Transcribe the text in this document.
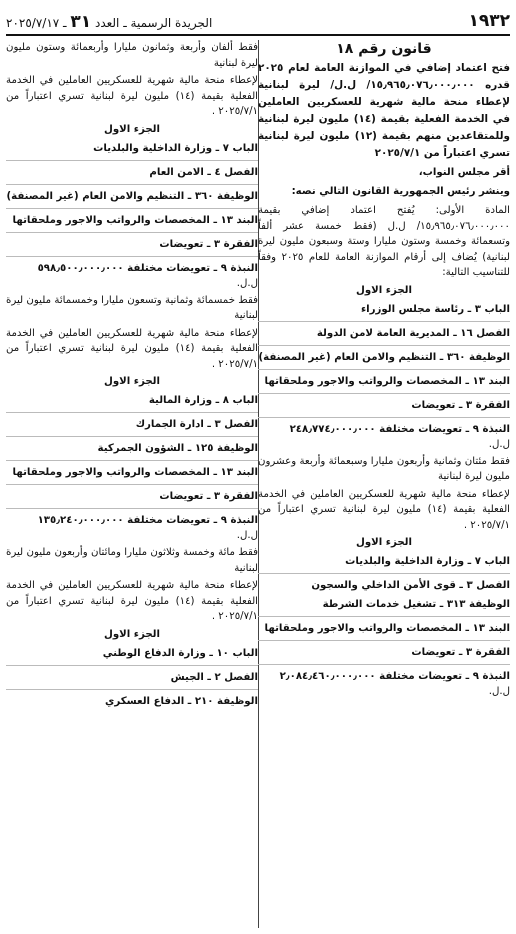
١٩٣٢
الجريدة الرسمية ـ العدد ٣١ ـ ٢٠٢٥/٧/١٧
قانون رقم ١٨
فتح اعتماد إضافي في الموازنة العامة لعام ٢٠٢٥ قدره ١٥٫٩٦٥٫٠٧٦٫٠٠٠٫٠٠٠/ ل.ل/ ليرة لبنانية لإعطاء منحة مالية شهرية للعسكريين العاملين في الخدمة الفعلية بقيمة (١٤) مليون ليرة لبنانية وللمتقاعدين منهم بقيمة (١٢) مليون ليرة لبنانية تسري اعتباراً من ٢٠٢٥/٧/١
أقر مجلس النواب،
وينشر رئيس الجمهورية القانون التالي نصه:
المادة الأولى: يُفتح اعتماد إضافي بقيمة ١٥٫٩٦٥٫٠٧٦٫٠٠٠٫٠٠٠/ ل.ل (فقط خمسة عشر ألفاً وتسعمائة وخمسة وستون مليارا وستة وسبعون مليون ليرة لبنانية) يُضاف إلى أرقام الموازنة العامة للعام ٢٠٢٥ وفقاً للتناسيب التالية:
الجزء الاول
الباب ٣ ـ رئاسة مجلس الوزراء
الفصل ١٦ ـ المديرية العامة لامن الدولة
الوظيفة ٣٦٠ ـ التنظيم والامن العام (غير المصنفة)
البند ١٣ ـ المخصصات والرواتب والاجور وملحقاتها
الفقرة ٣ ـ تعويضات
النبذة ٩ ـ تعويضات مختلفة ٢٤٨٫٧٧٤٫٠٠٠٫٠٠٠
ل.ل.
فقط مئتان وثمانية وأربعون مليارا وسبعمائة وأربعة وعشرون مليون ليرة لبنانية
لإعطاء منحة مالية شهرية للعسكريين العاملين في الخدمة الفعلية بقيمة (١٤) مليون ليرة لبنانية تسري اعتباراً من ٢٠٢٥/٧/١ .
الجزء الاول
الباب ٧ ـ وزارة الداخلية والبلديات
الفصل ٣ ـ قوى الأمن الداخلي والسجون
الوظيفة ٣١٣ ـ تشغيل خدمات الشرطة
البند ١٣ ـ المخصصات والرواتب والاجور وملحقاتها
الفقرة ٣ ـ تعويضات
النبذة ٩ ـ تعويضات مختلفة ٢٫٠٨٤٫٤٦٠٫٠٠٠٫٠٠٠
ل.ل.
فقط ألفان وأربعة وثمانون مليارا وأربعمائة وستون مليون ليرة لبنانية
لإعطاء منحة مالية شهرية للعسكريين العاملين في الخدمة الفعلية بقيمة (١٤) مليون ليرة لبنانية تسري اعتباراً من ٢٠٢٥/٧/١ .
الجزء الاول
الباب ٧ ـ وزارة الداخلية والبلديات
الفصل ٤ ـ الامن العام
الوظيفة ٣٦٠ ـ التنظيم والامن العام (غير المصنفة)
البند ١٣ ـ المخصصات والرواتب والاجور وملحقاتها
الفقرة ٣ ـ تعويضات
النبذة ٩ ـ تعويضات مختلفة ٥٩٨٫٥٠٠٫٠٠٠٫٠٠٠
ل.ل.
فقط خمسمائة وثمانية وتسعون مليارا وخمسمائة مليون ليرة لبنانية
لإعطاء منحة مالية شهرية للعسكريين العاملين في الخدمة الفعلية بقيمة (١٤) مليون ليرة لبنانية تسري اعتباراً من ٢٠٢٥/٧/١ .
الجزء الاول
الباب ٨ ـ وزارة المالية
الفصل ٣ ـ ادارة الجمارك
الوظيفة ١٢٥ ـ الشؤون الجمركية
البند ١٣ ـ المخصصات والرواتب والاجور وملحقاتها
الفقرة ٣ ـ تعويضات
النبذة ٩ ـ تعويضات مختلفة ١٣٥٫٢٤٠٫٠٠٠٫٠٠٠
ل.ل.
فقط مائة وخمسة وثلاثون مليارا ومائتان وأربعون مليون ليرة لبنانية
لإعطاء منحة مالية شهرية للعسكريين العاملين في الخدمة الفعلية بقيمة (١٤) مليون ليرة لبنانية تسري اعتباراً من ٢٠٢٥/٧/١ .
الجزء الاول
الباب ١٠ ـ وزارة الدفاع الوطني
الفصل ٢ ـ الجيش
الوظيفة ٢١٠ ـ الدفاع العسكري
